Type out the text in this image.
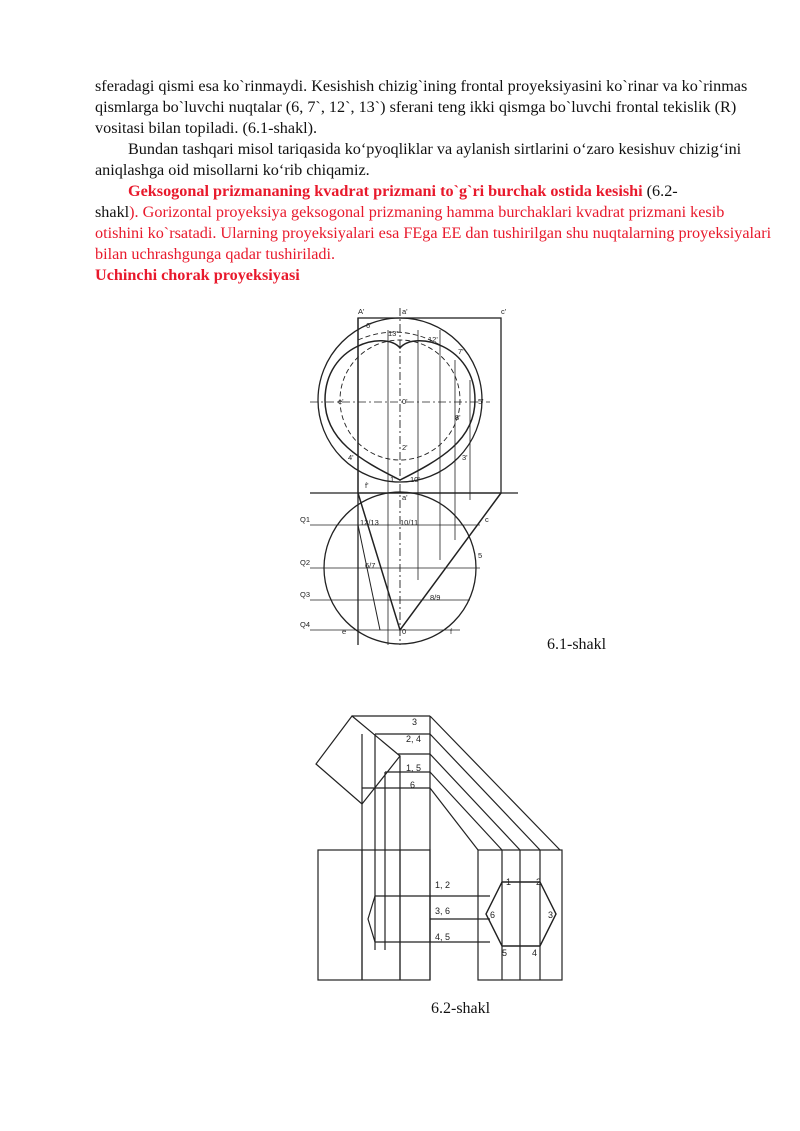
sferadagi qismi esa ko`rinmaydi. Kesishish chizig`ining frontal proyeksiyasini ko`rinar va ko`rinmas qismlarga bo`luvchi nuqtalar (6, 7`, 12`, 13`) sferani teng ikki qismga bo`luvchi frontal tekislik (R) vositasi bilan topiladi. (6.1-shakl).

Bundan tashqari misol tariqasida ko‘pyoqliklar va aylanish sirtlarini o‘zaro kesishuv chizig‘ini aniqlashga oid misollarni ko‘rib chiqamiz.

Geksogonal prizmananing kvadrat prizmani to`g`ri burchak ostida kesishi (6.2-
shakl). Gorizontal proyeksiya geksogonal prizmaning hamma burchaklari kvadrat prizmani kesib otishini ko`rsatadi. Ularning proyeksiyalari esa FEga EE dan tushirilgan shu nuqtalarning proyeksiyalari bilan uchrashgunga qadar tushiriladi.

Uchinchi chorak proyeksiyasi

A'	a'	c'
6'
13'
12'
7'
e'	0'	5'
8'
4'
2'
3'
f'
1' 10'
a'
Q1
Q2
Q3
Q4
12/13	10/11
6/7
8/9
e	0
5
f
c
6.1-shakl
3
2, 4
1, 5
6
1, 2
3, 6
4, 5
1	2
6	3
5	4
6.2-shakl
